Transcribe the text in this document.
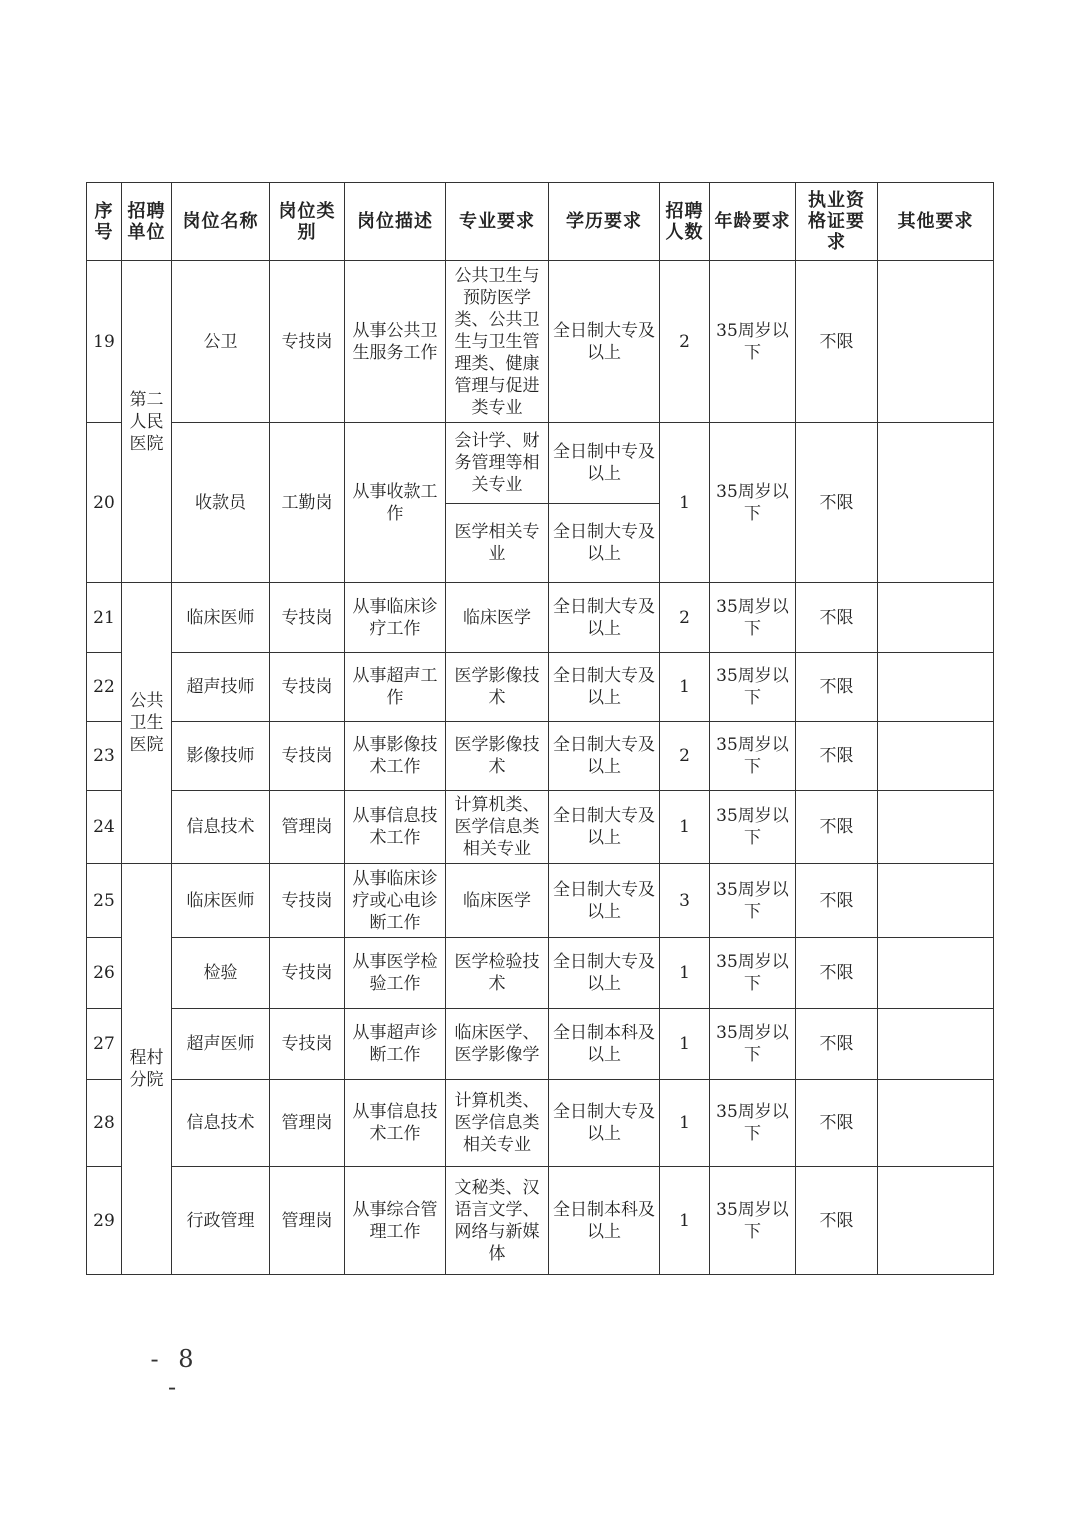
序号	招聘单位	岗位名称	岗位类别	岗位描述	专业要求	学历要求	招聘人数	年龄要求	执业资格证要求	其他要求
19	第二人民医院	公卫	专技岗	从事公共卫生服务工作	公共卫生与预防医学类、公共卫生与卫生管理类、健康管理与促进类专业	全日制大专及以上	2	35周岁以下	不限	
20		收款员	工勤岗	从事收款工作	会计学、财务管理等相关专业	全日制中专及以上	1	35周岁以下	不限	
					医学相关专业	全日制大专及以上				
21	公共卫生医院	临床医师	专技岗	从事临床诊疗工作	临床医学	全日制大专及以上	2	35周岁以下	不限	
22		超声技师	专技岗	从事超声工作	医学影像技术	全日制大专及以上	1	35周岁以下	不限	
23		影像技师	专技岗	从事影像技术工作	医学影像技术	全日制大专及以上	2	35周岁以下	不限	
24		信息技术	管理岗	从事信息技术工作	计算机类、医学信息类相关专业	全日制大专及以上	1	35周岁以下	不限	
25	程村分院	临床医师	专技岗	从事临床诊疗或心电诊断工作	临床医学	全日制大专及以上	3	35周岁以下	不限	
26		检验	专技岗	从事医学检验工作	医学检验技术	全日制大专及以上	1	35周岁以下	不限	
27		超声医师	专技岗	从事超声诊断工作	临床医学、医学影像学	全日制本科及以上	1	35周岁以下	不限	
28		信息技术	管理岗	从事信息技术工作	计算机类、医学信息类相关专业	全日制大专及以上	1	35周岁以下	不限	
29		行政管理	管理岗	从事综合管理工作	文秘类、汉语言文学、网络与新媒体	全日制本科及以上	1	35周岁以下	不限	
- 8 -
